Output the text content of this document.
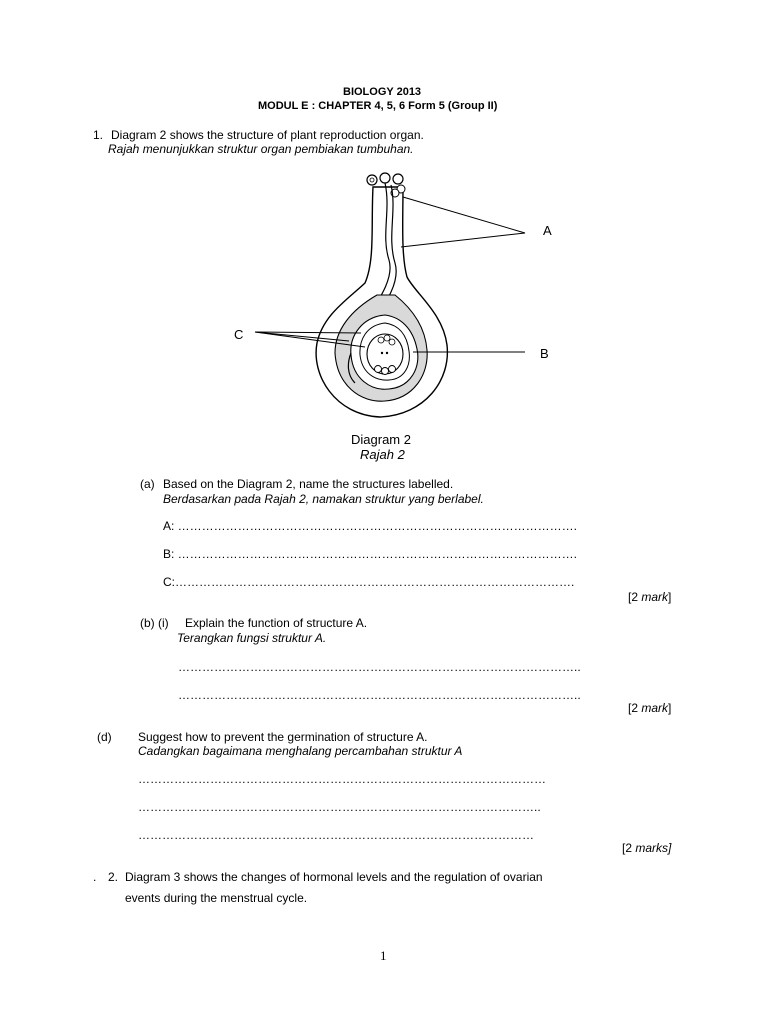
BIOLOGY 2013
MODUL E : CHAPTER 4, 5, 6 Form 5 (Group II)
1. Diagram 2 shows the structure of plant reproduction organ.
Rajah menunjukkan struktur organ pembiakan tumbuhan.
A
B
C
Diagram 2
Rajah 2
(a) Based on the Diagram 2, name the structures labelled.
Berdasarkan pada Rajah 2, namakan struktur yang berlabel.
A: ……………………………………………………………………………………….
B: ……………………………………………………………………………………….
C:……………………………………………………………………………………….
[2 mark]
(b) (i) Explain the function of structure A.
Terangkan fungsi struktur A.
………………………………………………………………………………………..
………………………………………………………………………………………..
[2 mark]
(d) Suggest how to prevent the germination of structure A.
Cadangkan bagaimana menghalang percambahan struktur A
…………………………………………………………………………………………
………………………………………………………………………………………..
………………………………………………………………………………………
[2 marks]
. 2. Diagram 3 shows the changes of hormonal levels and the regulation of ovarian
events during the menstrual cycle.
1
